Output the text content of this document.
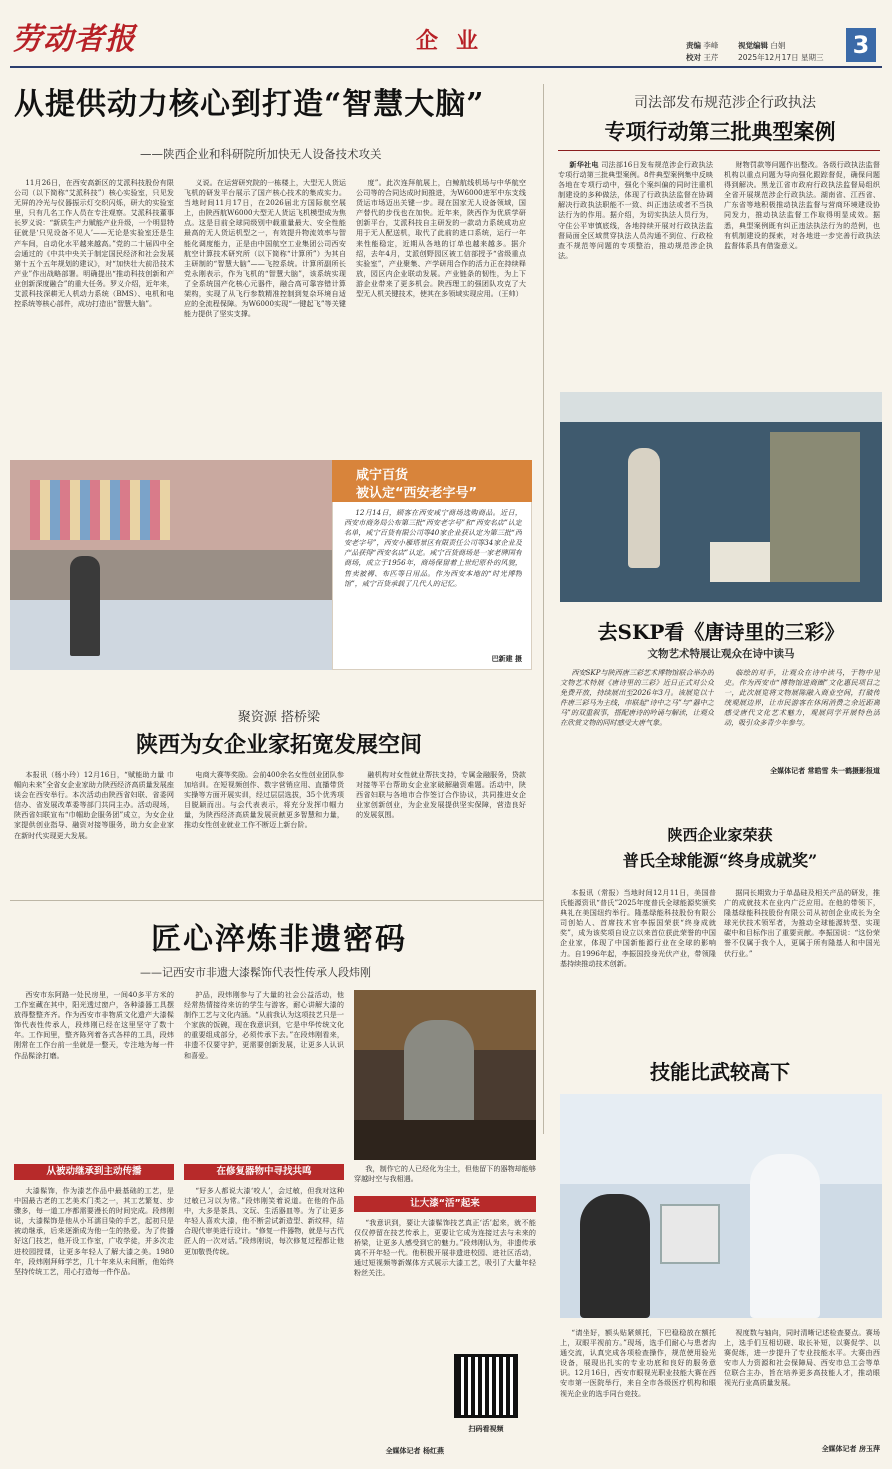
劳动者报	企业	责编 李峰
校对 王芹
视觉编辑 白娟
2025年12月17日 星期三 3
从提供动力核心到打造“智慧大脑”
——陕西企业和科研院所加快无人设备技术攻关
11月26日，在西安高新区的艾派科技股份有限公司（以下简称“艾派科技”）核心实验室，只见发无屏的冷光与仪器振示灯交织闪烁，研大的实验室里，只有几名工作人员在专注观察。艾派科技董事长罗义说：“新质生产力赋能产业升级，一个明显特征就是‘只见设备不见人’——无论是实验室还是生产车间，自动化水平越来越高。”党的二十届四中全会通过的《中共中央关于制定国民经济和社会发展第十五个五年规划的建议》，对“加快壮大前沿技术产业”作出战略部署。明确提出“推动科技创新和产业创新深度融合”的重大任务。罗义介绍，近年来，艾派科技深耕无人机动力系统（BMS）、电机和电控系统等核心部件，成功打造出“智慧大脑”。
义说。在运营研究院的一栋楼上，大型无人货运飞机的研发平台展示了国产核心技术的集成实力。当地时间11月17日，在2026届北方国际航空展上，由陕西航W6000大型无人货运飞机模型成为焦点。这是目前全球同级别中载重量最大、安全性能最高的无人货运机型之一，有效提升物流效率与智能化调度能力，正是由中国航空工业集团公司西安航空计算技术研究所（以下简称“计算所”）为其自主研制的“智慧大脑”——飞控系统。计算所副所长党永刚表示，作为飞机的“智慧大脑”，该系统实现了全系统国产化核心元器件，融合高可靠容错计算架构，实现了从飞行参数精准控制到复杂环境自适应的全流程保障。为W6000实现“一键起飞”等关键能力提供了坚实支撑。
度”。此次连拜航展上，白鲸航线机场与中华航空公司等的合同达成时间推进，为W6000进军中东支线货运市场迈出关键一步。现在国家无人设备领域，国产替代的步伐也在加快。近年来，陕西作为优质学研创新平台，艾派科技自主研发的一款动力系统成功应用于无人配送机，取代了此前的进口系统，运行一年来性能稳定，近期从各地的订单也越来越多。据介绍，去年4月，艾派创野园区被工信部授予“省级重点实验室”，产业聚集、产学研用合作的活力正在持续释放，园区内企业联动发展。产业链条的韧性，为上下游企业带来了更多机会。陕西理工的强团队攻克了大型无人机关键技术，使其在多领域实现应用。（王帅）
司法部发布规范涉企行政执法
专项行动第三批典型案例
新华社电 司法部16日发布规范涉企行政执法专项行动第三批典型案例。8件典型案例集中反映各地在专项行动中，强化个案纠偏的同时注重机制建设的多种做法，体现了行政执法监督在协调解决行政执法职能不一致、纠正违法或者不当执法行为的作用。据介绍，为切实执法人员行为，守住公平审慎底线，各地持续开展对行政执法监督局面全区域贯穿执法人员沟通不到位、行政检查不规范等问题的专项整治，推动规范涉企执法。
财物罚款等问题作出整改。各级行政执法监督机构以重点问题为导向强化跟踪督促，确保问题得到解决。黑龙江省市政府行政执法监督局组织全省开展规范涉企行政执法。湖南省、江西省、广东省等地积极推动执法监督与营商环境建设协同发力，推动执法监督工作取得明显成效。据悉，典型案例既有纠正违法执法行为的范例，也有机制建设的探索，对各地进一步完善行政执法监督体系具有借鉴意义。
去SKP看《唐诗里的三彩》
文物艺术特展让观众在诗中读马
西安SKP与陕西唐三彩艺术博物馆联合举办的文物艺术特展《唐诗里的三彩》近日正式对公众免费开放，持续展出至2026年3月。该展览以十件唐三彩马为主线，串联起“诗中之马”与“器中之马”的双重叙事，搭配唐诗的吟诵与解读，让观众在欣赏文物的同时感受大唐气象。
临绘的对手，让观众在诗中读马，于物中见史。作为西安市“博物馆进商圈”文化惠民项目之一，此次展览将文物展陈融入商业空间，打破传统观展边界，让市民游客在休闲消费之余近距离感受唐代文化艺术魅力，观展同学开展特色活动，吸引众多青少年参与。
全媒体记者 常皓雪 朱一鹤摄影报道
咸宁百货
被认定“西安老字号”
12月14日，顾客在西安咸宁商场选购商品。近日，西安市商务局公布第三批“西安老字号”和“西安名店”认定名单，咸宁百货有限公司等40家企业获认定为第三批“西安老字号”，西安小雁塔景区有限责任公司等34家企业及产品获得“西安名店”认定。咸宁百货商场是一家老牌国有商场，成立于1956年，商场保留着上世纪原朴的风貌，售卖被褥、布匹等日用品。作为西安本地的“时光博物馆”，咸宁百货承载了几代人的记忆。
巴新建 摄
聚资源 搭桥梁
陕西为女企业家拓宽发展空间
本报讯（杨小玲）12月16日，“赋能助力量 巾帼向未来”全省女企业家助力陕西经济高质量发展座谈会在西安举行。本次活动由陕西省妇联、省委网信办、省发展改革委等部门共同主办。活动现场，陕西省妇联宣布“巾帼助企服务团”成立，为女企业家提供创业指导、融资对接等服务，助力女企业家在新时代实现更大发展。
电商大赛等奖励。会前400余名女性创业团队参加培训。在短视频创作、数字营销应用、直播带货实操等方面开展实训，经过层层选拔，35个优秀项目脱颖而出。与会代表表示，将充分发挥巾帼力量，为陕西经济高质量发展贡献更多智慧和力量，推动女性创业就业工作不断迈上新台阶。
融机构对女性就业帮扶支持，专属金融服务，贷款对接等平台帮助女企业家破解融资难题。活动中，陕西省妇联与各地市合作签订合作协议，共同推进女企业家创新创业，为企业发展提供坚实保障，营造良好的发展氛围。
陕西企业家荣获
普氏全球能源“终身成就奖”
本报讯（常报）当地时间12月11日，美国普氏能源资讯“普氏”2025年度普氏全球能源奖颁奖典礼在美国纽约举行。隆基绿能科技股份有限公司创始人、首席技术官李振国荣获“终身成就奖”，成为该奖项自设立以来首位获此荣誉的中国企业家，体现了中国新能源行业在全球的影响力。自1996年起，李振国投身光伏产业，带领隆基持续推动技术创新。
据同长期致力于单晶硅及相关产品的研发，推广的成就技术在业内广泛应用。在他的带领下，隆基绿能科技股份有限公司从初创企业成长为全球光伏技术领军者，为推动全球能源转型、实现碳中和目标作出了重要贡献。李振国说：“这份荣誉不仅属于我个人，更属于所有隆基人和中国光伏行业。”
匠心淬炼非遗密码
——记西安市非遗大漆髹饰代表性传承人段炜刚
西安市东阿路一处民房里，一间40多平方米的工作室藏在其中，阳光透过窗户，各种漆器工具摆放得整整齐齐。作为西安市非物质文化遗产大漆髹饰代表性传承人，段炜刚已经在这里坚守了数十年。工作间里，整齐陈列着各式各样的工具，段炜刚常在工作台前一坐就是一整天，专注地为每一件作品髹涂打磨。
从被动继承到主动传播
大漆髹饰，作为漆艺作品中最基础的工艺，是中国最古老的工艺美术门类之一，其工艺繁复、步骤多，每一道工序都需要漫长的时间完成。段炜刚说，大漆髹饰是他从小耳濡目染的手艺，起初只是被动继承，后来逐渐成为他一生的热爱。为了传播好这门技艺，他开设工作室，广收学徒，并多次走进校园授课，让更多年轻人了解大漆之美。1980年，段炜刚拜师学艺，几十年来从未间断，他始终坚持传统工艺，用心打造每一件作品。
护品，段炜刚参与了大量的社会公益活动，他经常热情接待来访的学生与游客，耐心讲解大漆的制作工艺与文化内涵。“从前我认为这项技艺只是一个家族的饭碗，现在我意识到，它是中华传统文化的重要组成部分，必须传承下去。”在段炜刚看来，非遗不仅要守护，更需要创新发展，让更多人认识和喜爱。
在修复器物中寻找共鸣
“好多人都说大漆‘咬人’，会过敏，但我对这种过敏已习以为常。”段炜刚笑着说道。在他的作品中，大多是茶具、文玩、生活器皿等。为了让更多年轻人喜欢大漆，他不断尝试新造型、新纹样，结合现代审美进行设计。“修复一件器物，就是与古代匠人的一次对话。”段炜刚说，每次修复过程都让他更加敬畏传统。
我，制作它的人已经化为尘土，但他留下的器物却能够穿越时空与我相遇。
让大漆“活”起来
“我意识到，要让大漆髹饰技艺真正‘活’起来，就不能仅仅停留在技艺传承上，更要让它成为连接过去与未来的桥梁，让更多人感受到它的魅力。”段炜刚认为，非遗传承离不开年轻一代。他积极开展非遗进校园、进社区活动，通过短视频等新媒体方式展示大漆工艺，吸引了大量年轻粉丝关注。
扫码看视频
全媒体记者 杨红燕
技能比武较高下
“请坐好，额头贴紧颏托，下巴稳稳放在额托上，双眼平视前方。”现场，选手们耐心与患者沟通交流，认真完成各项检查操作，规范使用验光设备，展现出扎实的专业功底和良好的服务意识。12月16日，西安市眼视光职业技能大赛在西安市第一医院举行，来自全市各级医疗机构和眼视光企业的选手同台竞技。
视度数与轴向，同时清晰记述检查要点。赛场上，选手们互相切磋、取长补短，以赛促学、以赛促练，进一步提升了专业技能水平。大赛由西安市人力资源和社会保障局、西安市总工会等单位联合主办，旨在培养更多高技能人才，推动眼视光行业高质量发展。
全媒体记者 房玉萍
